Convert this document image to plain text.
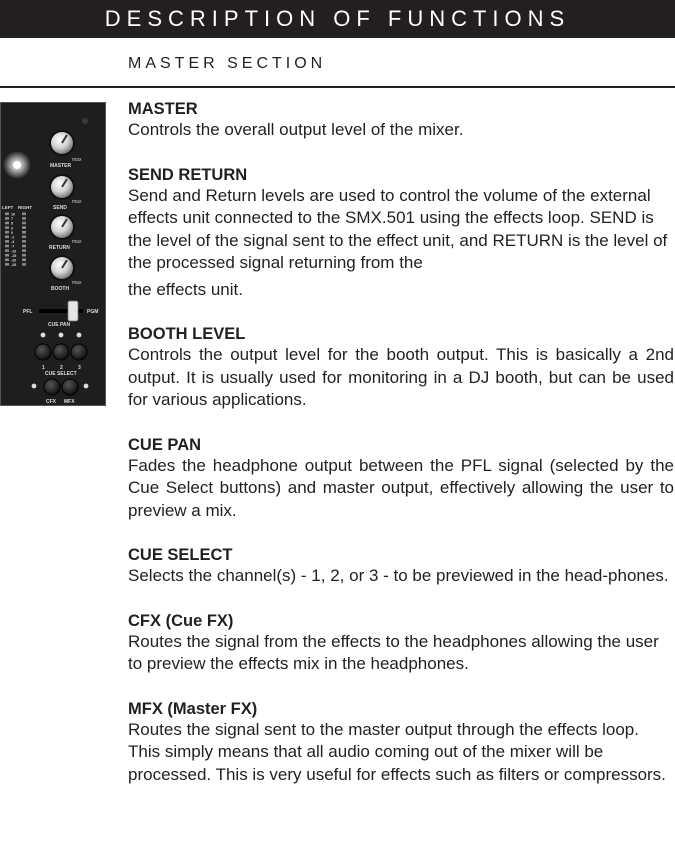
DESCRIPTION OF FUNCTIONS
MASTER SECTION
max
MASTER
max
SEND
max
RETURN
max
BOOTH
LEFT RIGHT
10
7
5
3
0
-2
-4
-7
-10
-15
-20
-28
PFL	PGM
CUE PAN
1	2	3
CUE SELECT
CFX MFX
MASTER

Controls the overall output level of the mixer.

SEND RETURN

Send and Return levels are used to control the volume of the external effects unit connected to the SMX.501 using the effects loop. SEND is the level of the signal sent to the effect unit, and RETURN is the level of the processed signal returning from the

the effects unit.

BOOTH LEVEL

Controls the output level for the booth output. This is basically a 2nd output. It is usually used for monitoring in a DJ booth, but can be used for various applications.

CUE PAN

Fades the headphone output between the PFL signal (selected by the Cue Select buttons) and master output, effectively allowing the user to preview a mix.

CUE SELECT

Selects the channel(s) - 1, 2, or 3 - to be previewed in the head-phones.

CFX (Cue FX)

Routes the signal from the effects to the headphones allowing the user to preview the effects mix in the headphones.

MFX (Master FX)

Routes the signal sent to the master output through the effects loop. This simply means that all audio coming out of the mixer will be processed. This is very useful for effects such as filters or compressors.
